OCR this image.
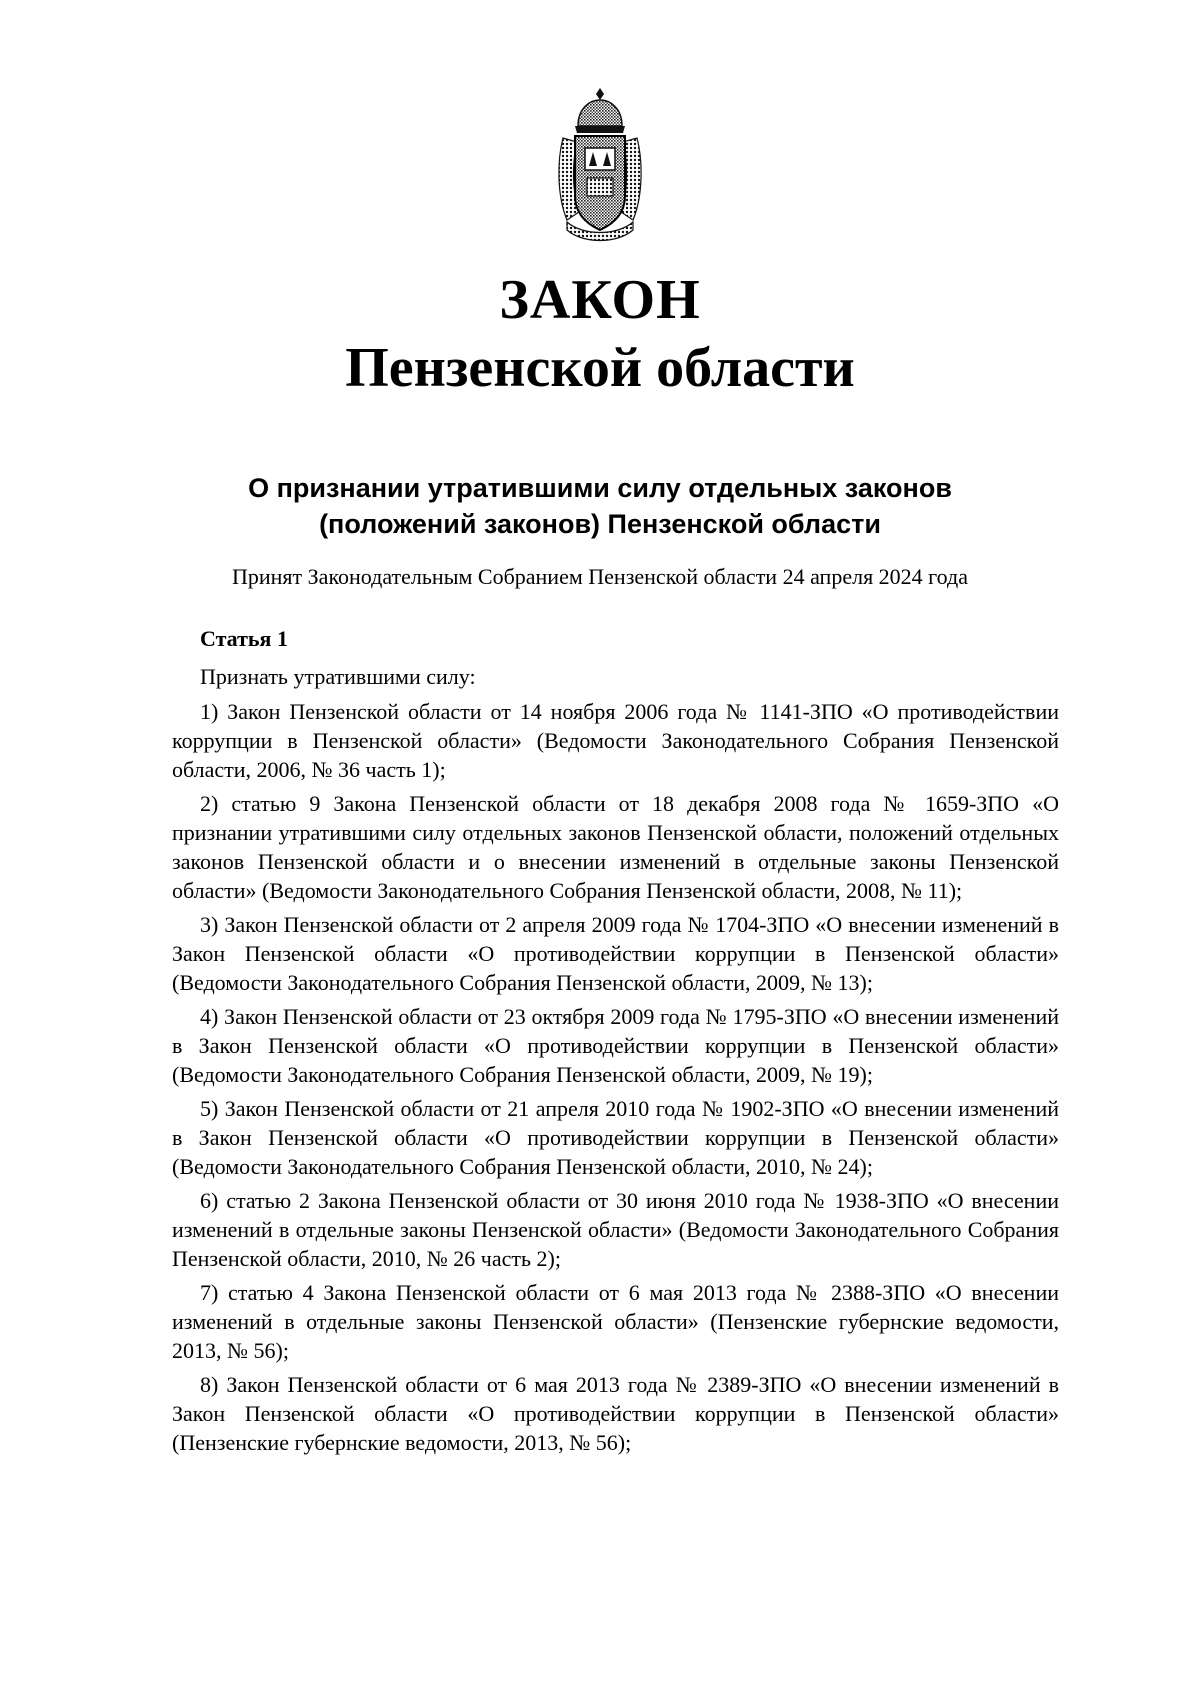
ЗАКОН
Пензенской области
О признании утратившими силу отдельных законов
(положений законов) Пензенской области
Принят Законодательным Собранием Пензенской области 24 апреля 2024 года
Статья 1
Признать утратившими силу:
1) Закон Пензенской области от 14 ноября 2006 года № 1141-ЗПО «О противодействии коррупции в Пензенской области» (Ведомости Законодательного Собрания Пензенской области, 2006, № 36 часть 1);
2) статью 9 Закона Пензенской области от 18 декабря 2008 года № 1659-ЗПО «О признании утратившими силу отдельных законов Пензенской области, положений отдельных законов Пензенской области и о внесении изменений в отдельные законы Пензенской области» (Ведомости Законодательного Собрания Пензенской области, 2008, № 11);
3) Закон Пензенской области от 2 апреля 2009 года № 1704-ЗПО «О внесении изменений в Закон Пензенской области «О противодействии коррупции в Пензенской области» (Ведомости Законодательного Собрания Пензенской области, 2009, № 13);
4) Закон Пензенской области от 23 октября 2009 года № 1795-ЗПО «О внесении изменений в Закон Пензенской области «О противодействии коррупции в Пензенской области» (Ведомости Законодательного Собрания Пензенской области, 2009, № 19);
5) Закон Пензенской области от 21 апреля 2010 года № 1902-ЗПО «О внесении изменений в Закон Пензенской области «О противодействии коррупции в Пензенской области» (Ведомости Законодательного Собрания Пензенской области, 2010, № 24);
6) статью 2 Закона Пензенской области от 30 июня 2010 года № 1938-ЗПО «О внесении изменений в отдельные законы Пензенской области» (Ведомости Законодательного Собрания Пензенской области, 2010, № 26 часть 2);
7) статью 4 Закона Пензенской области от 6 мая 2013 года № 2388-ЗПО «О внесении изменений в отдельные законы Пензенской области» (Пензенские губернские ведомости, 2013, № 56);
8) Закон Пензенской области от 6 мая 2013 года № 2389-ЗПО «О внесении изменений в Закон Пензенской области «О противодействии коррупции в Пензенской области» (Пензенские губернские ведомости, 2013, № 56);
